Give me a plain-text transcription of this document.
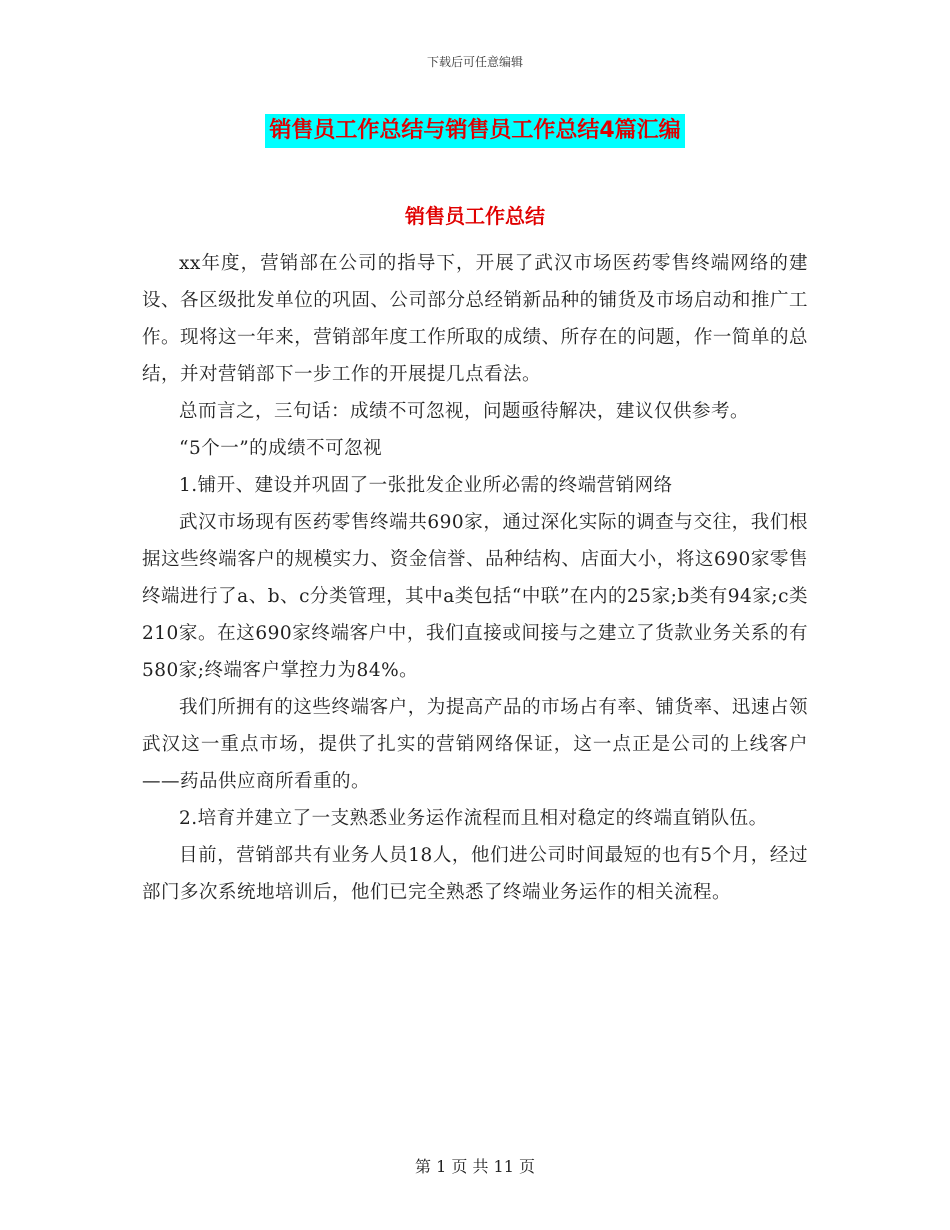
下载后可任意编辑
销售员工作总结与销售员工作总结4篇汇编
销售员工作总结

xx年度，营销部在公司的指导下，开展了武汉市场医药零售终端网络的建设、各区级批发单位的巩固、公司部分总经销新品种的铺货及市场启动和推广工作。现将这一年来，营销部年度工作所取的成绩、所存在的问题，作一简单的总结，并对营销部下一步工作的开展提几点看法。

总而言之，三句话：成绩不可忽视，问题亟待解决，建议仅供参考。

“5个一”的成绩不可忽视

1.铺开、建设并巩固了一张批发企业所必需的终端营销网络

武汉市场现有医药零售终端共690家，通过深化实际的调查与交往，我们根据这些终端客户的规模实力、资金信誉、品种结构、店面大小，将这690家零售终端进行了a、b、c分类管理，其中a类包括“中联”在内的25家;b类有94家;c类210家。在这690家终端客户中，我们直接或间接与之建立了货款业务关系的有580家;终端客户掌控力为84%。

我们所拥有的这些终端客户，为提高产品的市场占有率、铺货率、迅速占领武汉这一重点市场，提供了扎实的营销网络保证，这一点正是公司的上线客户——药品供应商所看重的。

2.培育并建立了一支熟悉业务运作流程而且相对稳定的终端直销队伍。

目前，营销部共有业务人员18人，他们进公司时间最短的也有5个月，经过部门多次系统地培训后，他们已完全熟悉了终端业务运作的相关流程。

第 1 页 共 11 页
